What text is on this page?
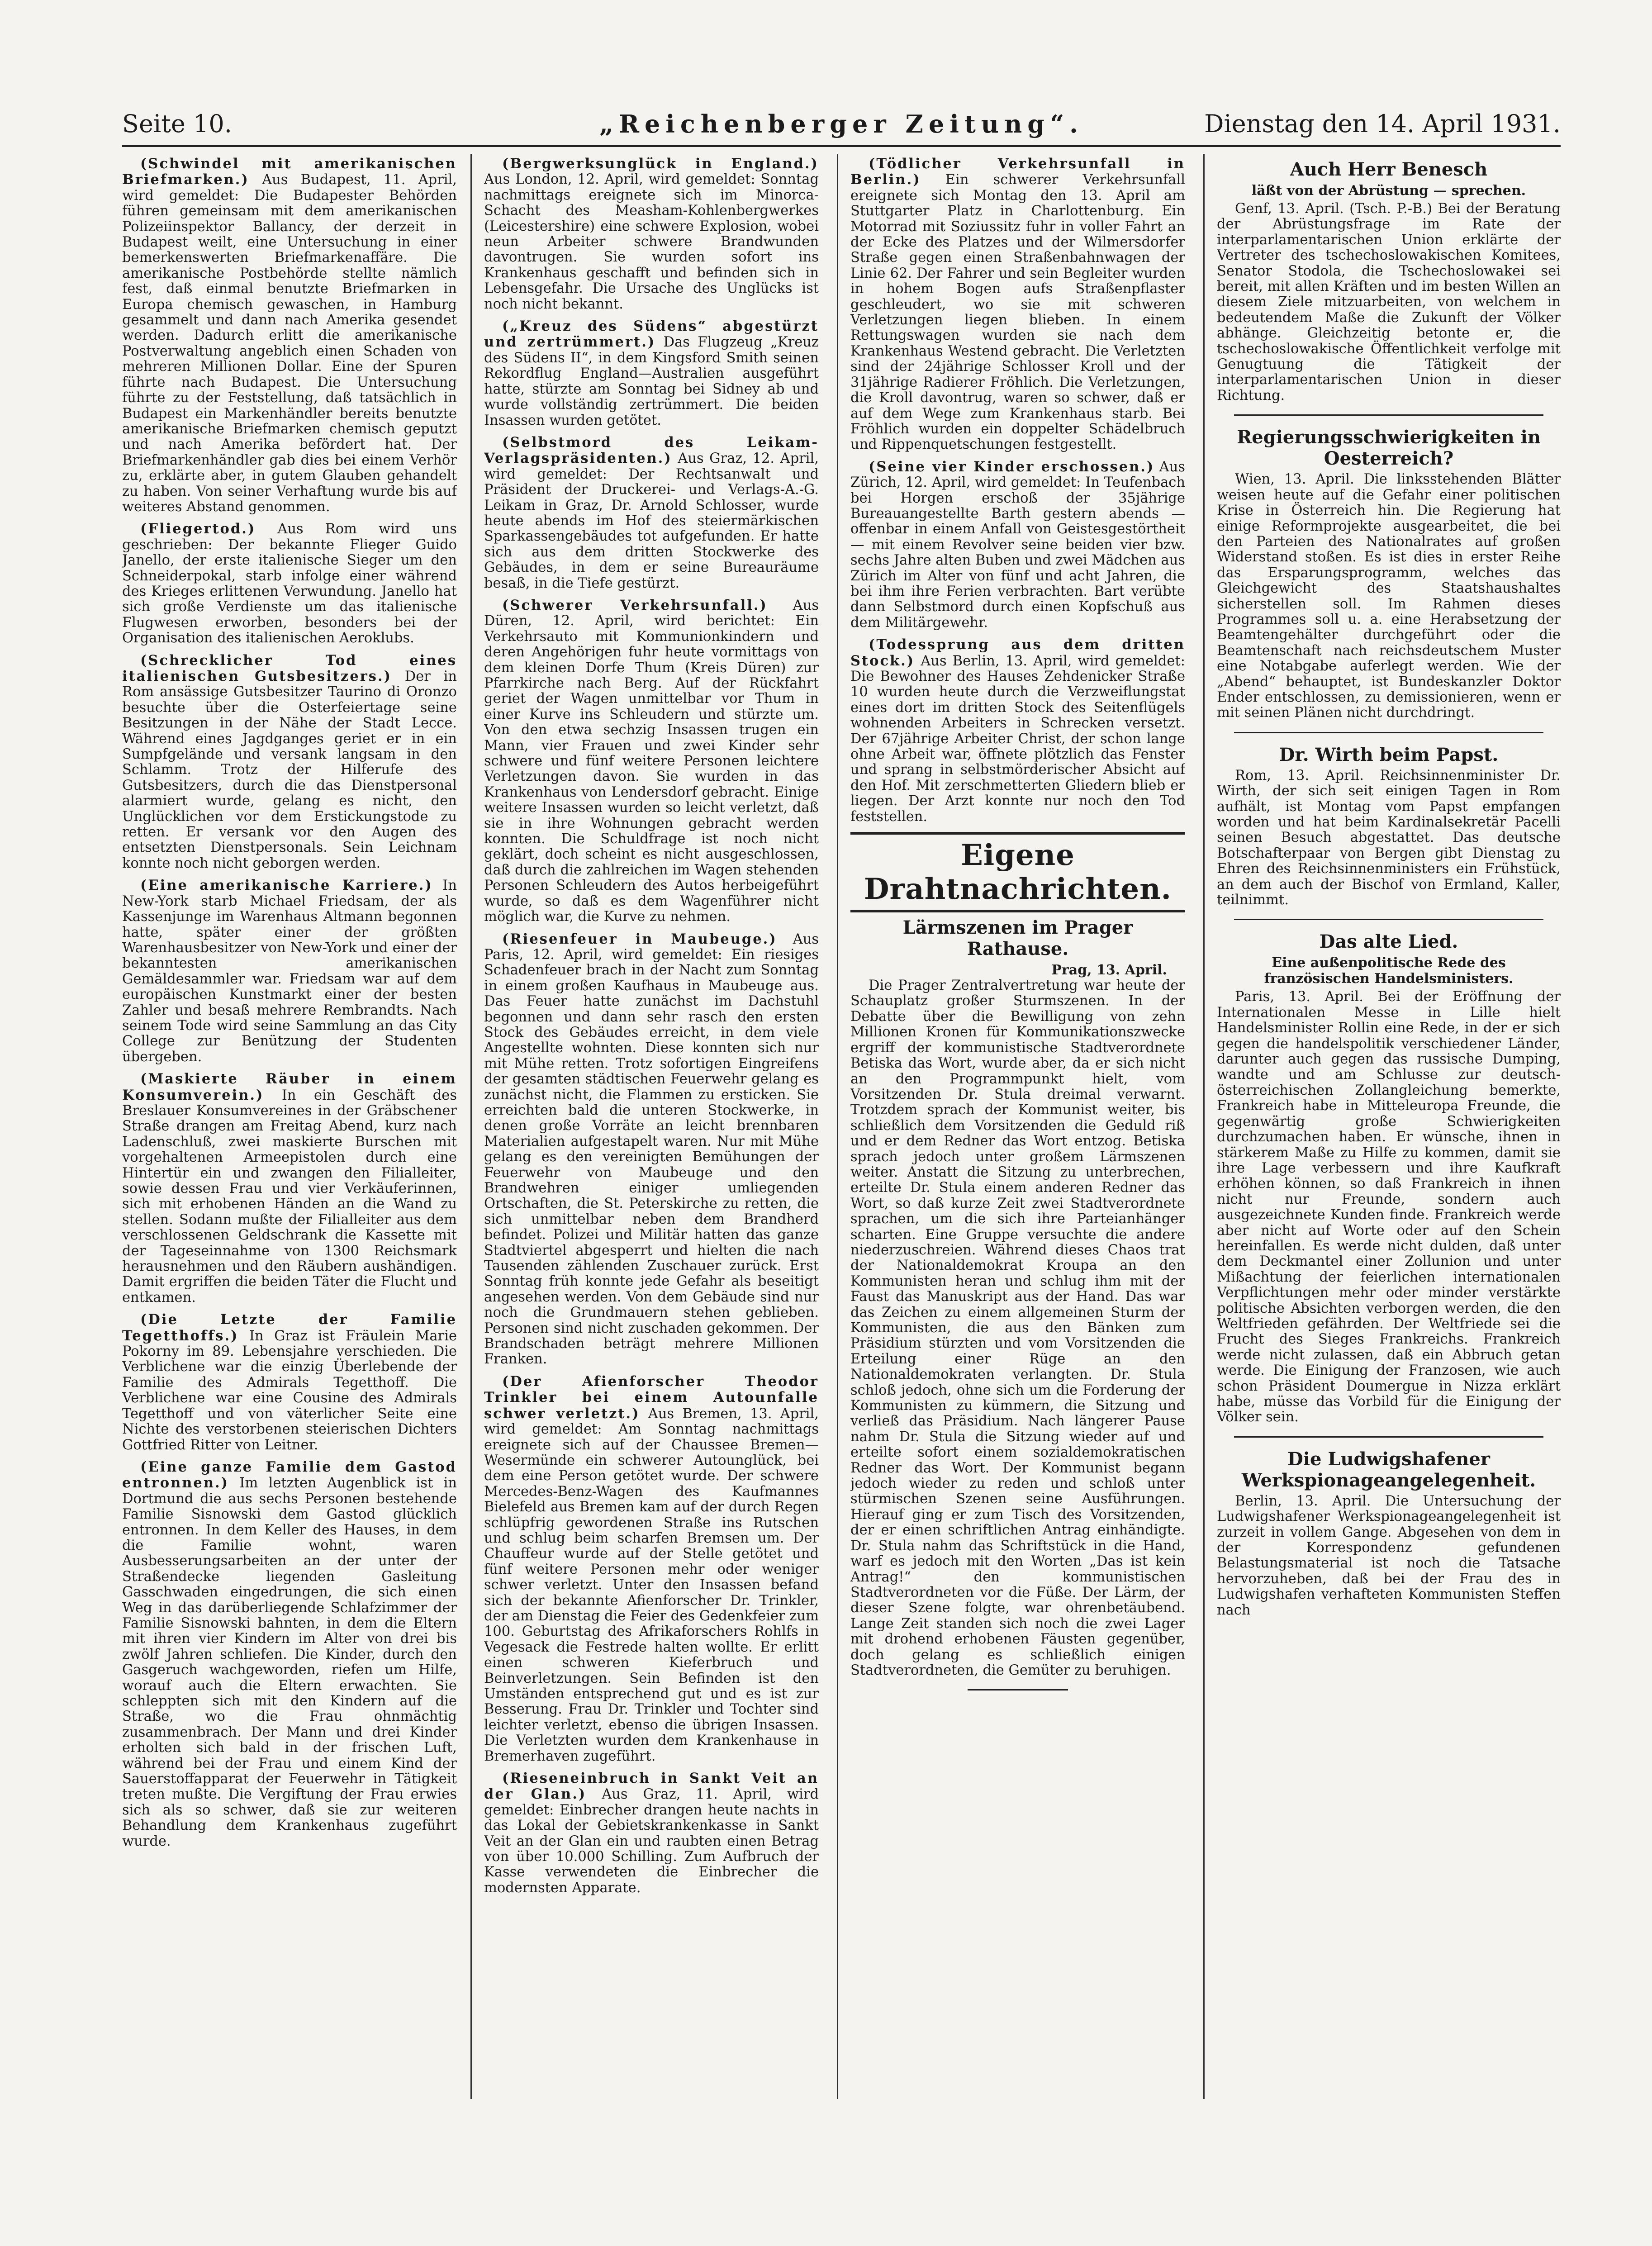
„Reichenberger Zeitung“.
Seite 10.	Dienstag den 14. April 1931.

(Schwindel mit amerikanischen Briefmarken.) Aus Budapest, 11. April, wird gemeldet: Die Budapester Behörden führen gemeinsam mit dem amerikanischen Polizeiinspektor Ballancy, der derzeit in Budapest weilt, eine Untersuchung in einer bemerkenswerten Briefmarkenaffäre. Die amerikanische Postbehörde stellte nämlich fest, daß einmal benutzte Briefmarken in Europa chemisch gewaschen, in Hamburg gesammelt und dann nach Amerika gesendet werden. Dadurch erlitt die amerikanische Postverwaltung angeblich einen Schaden von mehreren Millionen Dollar. Eine der Spuren führte nach Budapest. Die Untersuchung führte zu der Feststellung, daß tatsächlich in Budapest ein Markenhändler bereits benutzte amerikanische Briefmarken chemisch geputzt und nach Amerika befördert hat. Der Briefmarkenhändler gab dies bei einem Verhör zu, erklärte aber, in gutem Glauben gehandelt zu haben. Von seiner Verhaftung wurde bis auf weiteres Abstand genommen.

(Fliegertod.) Aus Rom wird uns geschrieben: Der bekannte Flieger Guido Janello, der erste italienische Sieger um den Schneiderpokal, starb infolge einer während des Krieges erlittenen Verwundung. Janello hat sich große Verdienste um das italienische Flugwesen erworben, besonders bei der Organisation des italienischen Aeroklubs.

(Schrecklicher Tod eines italienischen Gutsbesitzers.) Der in Rom ansässige Gutsbesitzer Taurino di Oronzo besuchte über die Osterfeiertage seine Besitzungen in der Nähe der Stadt Lecce. Während eines Jagdganges geriet er in ein Sumpfgelände und versank langsam in den Schlamm. Trotz der Hilferufe des Gutsbesitzers, durch die das Dienstpersonal alarmiert wurde, gelang es nicht, den Unglücklichen vor dem Erstickungstode zu retten. Er versank vor den Augen des entsetzten Dienstpersonals. Sein Leichnam konnte noch nicht geborgen werden.

(Eine amerikanische Karriere.) In New-York starb Michael Friedsam, der als Kassenjunge im Warenhaus Altmann begonnen hatte, später einer der größten Warenhausbesitzer von New-York und einer der bekanntesten amerikanischen Gemäldesammler war. Friedsam war auf dem europäischen Kunstmarkt einer der besten Zahler und besaß mehrere Rembrandts. Nach seinem Tode wird seine Sammlung an das City College zur Benützung der Studenten übergeben.

(Maskierte Räuber in einem Konsumverein.) In ein Geschäft des Breslauer Konsumvereines in der Gräbschener Straße drangen am Freitag Abend, kurz nach Ladenschluß, zwei maskierte Burschen mit vorgehaltenen Armeepistolen durch eine Hintertür ein und zwangen den Filialleiter, sowie dessen Frau und vier Verkäuferinnen, sich mit erhobenen Händen an die Wand zu stellen. Sodann mußte der Filialleiter aus dem verschlossenen Geldschrank die Kassette mit der Tageseinnahme von 1300 Reichsmark herausnehmen und den Räubern aushändigen. Damit ergriffen die beiden Täter die Flucht und entkamen.

(Die Letzte der Familie Tegetthoffs.) In Graz ist Fräulein Marie Pokorny im 89. Lebensjahre verschieden. Die Verblichene war die einzig Überlebende der Familie des Admirals Tegetthoff. Die Verblichene war eine Cousine des Admirals Tegetthoff und von väterlicher Seite eine Nichte des verstorbenen steierischen Dichters Gottfried Ritter von Leitner.

(Eine ganze Familie dem Gastod entronnen.) Im letzten Augenblick ist in Dortmund die aus sechs Personen bestehende Familie Sisnowski dem Gastod glücklich entronnen. In dem Keller des Hauses, in dem die Familie wohnt, waren Ausbesserungsarbeiten an der unter der Straßendecke liegenden Gasleitung Gasschwaden eingedrungen, die sich einen Weg in das darüberliegende Schlafzimmer der Familie Sisnowski bahnten, in dem die Eltern mit ihren vier Kindern im Alter von drei bis zwölf Jahren schliefen. Die Kinder, durch den Gasgeruch wachgeworden, riefen um Hilfe, worauf auch die Eltern erwachten. Sie schleppten sich mit den Kindern auf die Straße, wo die Frau ohnmächtig zusammenbrach. Der Mann und drei Kinder erholten sich bald in der frischen Luft, während bei der Frau und einem Kind der Sauerstoffapparat der Feuerwehr in Tätigkeit treten mußte. Die Vergiftung der Frau erwies sich als so schwer, daß sie zur weiteren Behandlung dem Krankenhaus zugeführt wurde.

(Bergwerksunglück in England.) Aus London, 12. April, wird gemeldet: Sonntag nachmittags ereignete sich im Minorca-Schacht des Measham-Kohlenbergwerkes (Leicestershire) eine schwere Explosion, wobei neun Arbeiter schwere Brandwunden davontrugen. Sie wurden sofort ins Krankenhaus geschafft und befinden sich in Lebensgefahr. Die Ursache des Unglücks ist noch nicht bekannt.

(„Kreuz des Südens“ abgestürzt und zertrümmert.) Das Flugzeug „Kreuz des Südens II“, in dem Kingsford Smith seinen Rekordflug England—Australien ausgeführt hatte, stürzte am Sonntag bei Sidney ab und wurde vollständig zertrümmert. Die beiden Insassen wurden getötet.

(Selbstmord des Leikam-Verlagspräsidenten.) Aus Graz, 12. April, wird gemeldet: Der Rechtsanwalt und Präsident der Druckerei- und Verlags-A.-G. Leikam in Graz, Dr. Arnold Schlosser, wurde heute abends im Hof des steiermärkischen Sparkassengebäudes tot aufgefunden. Er hatte sich aus dem dritten Stockwerke des Gebäudes, in dem er seine Bureauräume besaß, in die Tiefe gestürzt.

(Schwerer Verkehrsunfall.) Aus Düren, 12. April, wird berichtet: Ein Verkehrsauto mit Kommunionkindern und deren Angehörigen fuhr heute vormittags von dem kleinen Dorfe Thum (Kreis Düren) zur Pfarrkirche nach Berg. Auf der Rückfahrt geriet der Wagen unmittelbar vor Thum in einer Kurve ins Schleudern und stürzte um. Von den etwa sechzig Insassen trugen ein Mann, vier Frauen und zwei Kinder sehr schwere und fünf weitere Personen leichtere Verletzungen davon. Sie wurden in das Krankenhaus von Lendersdorf gebracht. Einige weitere Insassen wurden so leicht verletzt, daß sie in ihre Wohnungen gebracht werden konnten. Die Schuldfrage ist noch nicht geklärt, doch scheint es nicht ausgeschlossen, daß durch die zahlreichen im Wagen stehenden Personen Schleudern des Autos herbeigeführt wurde, so daß es dem Wagenführer nicht möglich war, die Kurve zu nehmen.

(Riesenfeuer in Maubeuge.) Aus Paris, 12. April, wird gemeldet: Ein riesiges Schadenfeuer brach in der Nacht zum Sonntag in einem großen Kaufhaus in Maubeuge aus. Das Feuer hatte zunächst im Dachstuhl begonnen und dann sehr rasch den ersten Stock des Gebäudes erreicht, in dem viele Angestellte wohnten. Diese konnten sich nur mit Mühe retten. Trotz sofortigen Eingreifens der gesamten städtischen Feuerwehr gelang es zunächst nicht, die Flammen zu ersticken. Sie erreichten bald die unteren Stockwerke, in denen große Vorräte an leicht brennbaren Materialien aufgestapelt waren. Nur mit Mühe gelang es den vereinigten Bemühungen der Feuerwehr von Maubeuge und den Brandwehren einiger umliegenden Ortschaften, die St. Peterskirche zu retten, die sich unmittelbar neben dem Brandherd befindet. Polizei und Militär hatten das ganze Stadtviertel abgesperrt und hielten die nach Tausenden zählenden Zuschauer zurück. Erst Sonntag früh konnte jede Gefahr als beseitigt angesehen werden. Von dem Gebäude sind nur noch die Grundmauern stehen geblieben. Personen sind nicht zuschaden gekommen. Der Brandschaden beträgt mehrere Millionen Franken.

(Der Afienforscher Theodor Trinkler bei einem Autounfalle schwer verletzt.) Aus Bremen, 13. April, wird gemeldet: Am Sonntag nachmittags ereignete sich auf der Chaussee Bremen—Wesermünde ein schwerer Autounglück, bei dem eine Person getötet wurde. Der schwere Mercedes-Benz-Wagen des Kaufmannes Bielefeld aus Bremen kam auf der durch Regen schlüpfrig gewordenen Straße ins Rutschen und schlug beim scharfen Bremsen um. Der Chauffeur wurde auf der Stelle getötet und fünf weitere Personen mehr oder weniger schwer verletzt. Unter den Insassen befand sich der bekannte Afienforscher Dr. Trinkler, der am Dienstag die Feier des Gedenkfeier zum 100. Geburtstag des Afrikaforschers Rohlfs in Vegesack die Festrede halten wollte. Er erlitt einen schweren Kieferbruch und Beinverletzungen. Sein Befinden ist den Umständen entsprechend gut und es ist zur Besserung. Frau Dr. Trinkler und Tochter sind leichter verletzt, ebenso die übrigen Insassen. Die Verletzten wurden dem Krankenhause in Bremerhaven zugeführt.

(Rieseneinbruch in Sankt Veit an der Glan.) Aus Graz, 11. April, wird gemeldet: Einbrecher drangen heute nachts in das Lokal der Gebietskrankenkasse in Sankt Veit an der Glan ein und raubten einen Betrag von über 10.000 Schilling. Zum Aufbruch der Kasse verwendeten die Einbrecher die modernsten Apparate.

(Tödlicher Verkehrsunfall in Berlin.) Ein schwerer Verkehrsunfall ereignete sich Montag den 13. April am Stuttgarter Platz in Charlottenburg. Ein Motorrad mit Soziussitz fuhr in voller Fahrt an der Ecke des Platzes und der Wilmersdorfer Straße gegen einen Straßenbahnwagen der Linie 62. Der Fahrer und sein Begleiter wurden in hohem Bogen aufs Straßenpflaster geschleudert, wo sie mit schweren Verletzungen liegen blieben. In einem Rettungswagen wurden sie nach dem Krankenhaus Westend gebracht. Die Verletzten sind der 24jährige Schlosser Kroll und der 31jährige Radierer Fröhlich. Die Verletzungen, die Kroll davontrug, waren so schwer, daß er auf dem Wege zum Krankenhaus starb. Bei Fröhlich wurden ein doppelter Schädelbruch und Rippenquetschungen festgestellt.

(Seine vier Kinder erschossen.) Aus Zürich, 12. April, wird gemeldet: In Teufenbach bei Horgen erschoß der 35jährige Bureauangestellte Barth gestern abends — offenbar in einem Anfall von Geistesgestörtheit — mit einem Revolver seine beiden vier bzw. sechs Jahre alten Buben und zwei Mädchen aus Zürich im Alter von fünf und acht Jahren, die bei ihm ihre Ferien verbrachten. Bart verübte dann Selbstmord durch einen Kopfschuß aus dem Militärgewehr.

(Todessprung aus dem dritten Stock.) Aus Berlin, 13. April, wird gemeldet: Die Bewohner des Hauses Zehdenicker Straße 10 wurden heute durch die Verzweiflungstat eines dort im dritten Stock des Seitenflügels wohnenden Arbeiters in Schrecken versetzt. Der 67jährige Arbeiter Christ, der schon lange ohne Arbeit war, öffnete plötzlich das Fenster und sprang in selbstmörderischer Absicht auf den Hof. Mit zerschmetterten Gliedern blieb er liegen. Der Arzt konnte nur noch den Tod feststellen.

Eigene Drahtnachrichten.
Lärmszenen im Prager Rathause.
Prag, 13. April.

Die Prager Zentralvertretung war heute der Schauplatz großer Sturmszenen. In der Debatte über die Bewilligung von zehn Millionen Kronen für Kommunikationszwecke ergriff der kommunistische Stadtverordnete Betiska das Wort, wurde aber, da er sich nicht an den Programmpunkt hielt, vom Vorsitzenden Dr. Stula dreimal verwarnt. Trotzdem sprach der Kommunist weiter, bis schließlich dem Vorsitzenden die Geduld riß und er dem Redner das Wort entzog. Betiska sprach jedoch unter großem Lärmszenen weiter. Anstatt die Sitzung zu unterbrechen, erteilte Dr. Stula einem anderen Redner das Wort, so daß kurze Zeit zwei Stadtverordnete sprachen, um die sich ihre Parteianhänger scharten. Eine Gruppe versuchte die andere niederzuschreien. Während dieses Chaos trat der Nationaldemokrat Kroupa an den Kommunisten heran und schlug ihm mit der Faust das Manuskript aus der Hand. Das war das Zeichen zu einem allgemeinen Sturm der Kommunisten, die aus den Bänken zum Präsidium stürzten und vom Vorsitzenden die Erteilung einer Rüge an den Nationaldemokraten verlangten. Dr. Stula schloß jedoch, ohne sich um die Forderung der Kommunisten zu kümmern, die Sitzung und verließ das Präsidium. Nach längerer Pause nahm Dr. Stula die Sitzung wieder auf und erteilte sofort einem sozialdemokratischen Redner das Wort. Der Kommunist begann jedoch wieder zu reden und schloß unter stürmischen Szenen seine Ausführungen. Hierauf ging er zum Tisch des Vorsitzenden, der er einen schriftlichen Antrag einhändigte. Dr. Stula nahm das Schriftstück in die Hand, warf es jedoch mit den Worten „Das ist kein Antrag!“ den kommunistischen Stadtverordneten vor die Füße. Der Lärm, der dieser Szene folgte, war ohrenbetäubend. Lange Zeit standen sich noch die zwei Lager mit drohend erhobenen Fäusten gegenüber, doch gelang es schließlich einigen Stadtverordneten, die Gemüter zu beruhigen.

Auch Herr Benesch
läßt von der Abrüstung — sprechen.

Genf, 13. April. (Tsch. P.-B.) Bei der Beratung der Abrüstungsfrage im Rate der interparlamentarischen Union erklärte der Vertreter des tschechoslowakischen Komitees, Senator Stodola, die Tschechoslowakei sei bereit, mit allen Kräften und im besten Willen an diesem Ziele mitzuarbeiten, von welchem in bedeutendem Maße die Zukunft der Völker abhänge. Gleichzeitig betonte er, die tschechoslowakische Öffentlichkeit verfolge mit Genugtuung die Tätigkeit der interparlamentarischen Union in dieser Richtung.

Regierungsschwierigkeiten in Oesterreich?

Wien, 13. April. Die linksstehenden Blätter weisen heute auf die Gefahr einer politischen Krise in Österreich hin. Die Regierung hat einige Reformprojekte ausgearbeitet, die bei den Parteien des Nationalrates auf großen Widerstand stoßen. Es ist dies in erster Reihe das Ersparungsprogramm, welches das Gleichgewicht des Staatshaushaltes sicherstellen soll. Im Rahmen dieses Programmes soll u. a. eine Herabsetzung der Beamtengehälter durchgeführt oder die Beamtenschaft nach reichsdeutschem Muster eine Notabgabe auferlegt werden. Wie der „Abend“ behauptet, ist Bundeskanzler Doktor Ender entschlossen, zu demissionieren, wenn er mit seinen Plänen nicht durchdringt.

Dr. Wirth beim Papst.

Rom, 13. April. Reichsinnenminister Dr. Wirth, der sich seit einigen Tagen in Rom aufhält, ist Montag vom Papst empfangen worden und hat beim Kardinalsekretär Pacelli seinen Besuch abgestattet. Das deutsche Botschafterpaar von Bergen gibt Dienstag zu Ehren des Reichsinnenministers ein Frühstück, an dem auch der Bischof von Ermland, Kaller, teilnimmt.

Das alte Lied.
Eine außenpolitische Rede des französischen Handelsministers.

Paris, 13. April. Bei der Eröffnung der Internationalen Messe in Lille hielt Handelsminister Rollin eine Rede, in der er sich gegen die handelspolitik verschiedener Länder, darunter auch gegen das russische Dumping, wandte und am Schlusse zur deutsch-österreichischen Zollangleichung bemerkte, Frankreich habe in Mitteleuropa Freunde, die gegenwärtig große Schwierigkeiten durchzumachen haben. Er wünsche, ihnen in stärkerem Maße zu Hilfe zu kommen, damit sie ihre Lage verbessern und ihre Kaufkraft erhöhen können, so daß Frankreich in ihnen nicht nur Freunde, sondern auch ausgezeichnete Kunden finde. Frankreich werde aber nicht auf Worte oder auf den Schein hereinfallen. Es werde nicht dulden, daß unter dem Deckmantel einer Zollunion und unter Mißachtung der feierlichen internationalen Verpflichtungen mehr oder minder verstärkte politische Absichten verborgen werden, die den Weltfrieden gefährden. Der Weltfriede sei die Frucht des Sieges Frankreichs. Frankreich werde nicht zulassen, daß ein Abbruch getan werde. Die Einigung der Franzosen, wie auch schon Präsident Doumergue in Nizza erklärt habe, müsse das Vorbild für die Einigung der Völker sein.

Die Ludwigshafener Werkspionageangelegenheit.

Berlin, 13. April. Die Untersuchung der Ludwigshafener Werkspionageangelegenheit ist zurzeit in vollem Gange. Abgesehen von dem in der Korrespondenz gefundenen Belastungsmaterial ist noch die Tatsache hervorzuheben, daß bei der Frau des in Ludwigshafen verhafteten Kommunisten Steffen nach
